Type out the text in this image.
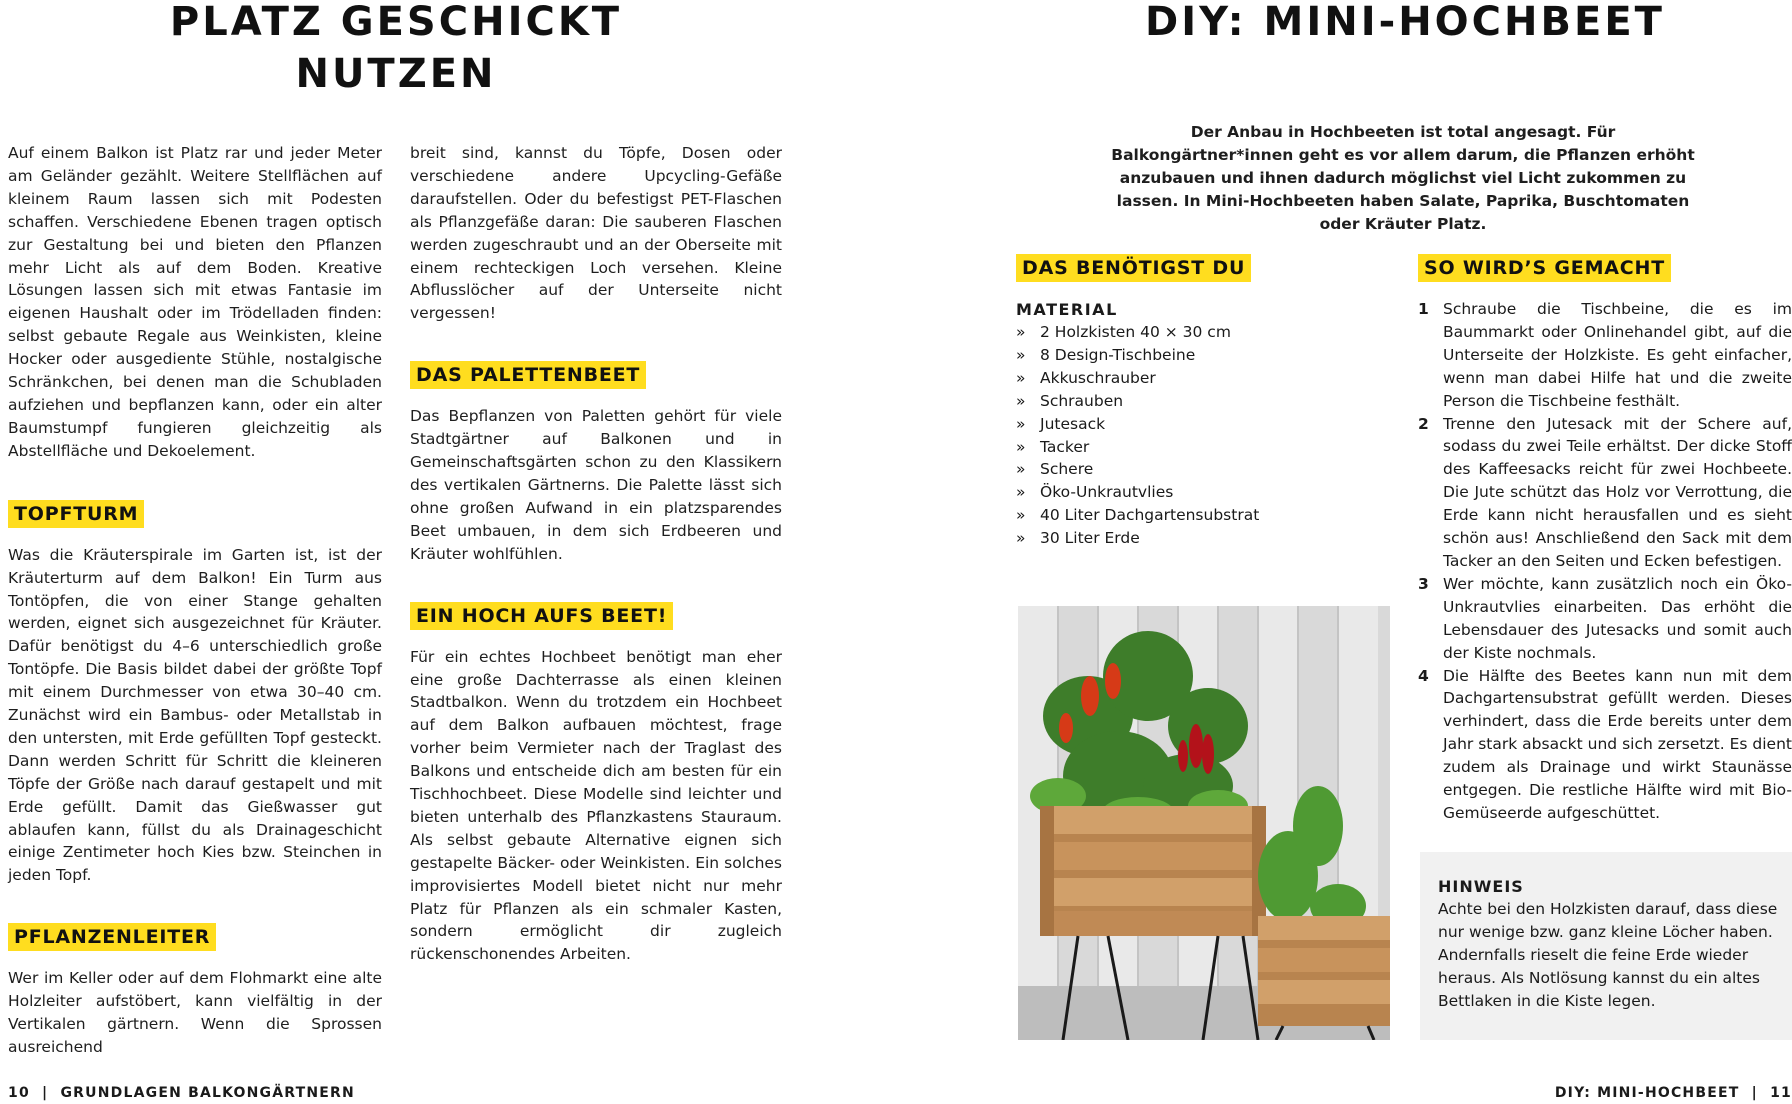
PLATZ GESCHICKT

NUTZEN

Auf einem Balkon ist Platz rar und jeder Meter am Geländer gezählt. Weitere Stellflächen auf kleinem Raum lassen sich mit Podesten schaffen. Verschiedene Ebenen tragen optisch zur Gestaltung bei und bieten den Pflanzen mehr Licht als auf dem Boden. Kreative Lösungen lassen sich mit etwas Fantasie im eigenen Haushalt oder im Trödelladen finden: selbst gebaute Regale aus Weinkisten, kleine Hocker oder ausgediente Stühle, nostalgische Schränkchen, bei denen man die Schubladen aufziehen und bepflanzen kann, oder ein alter Baumstumpf fungieren gleichzeitig als Abstellfläche und Dekoelement.

TOPFTURM

Was die Kräuterspirale im Garten ist, ist der Kräuterturm auf dem Balkon! Ein Turm aus Tontöpfen, die von einer Stange gehalten werden, eignet sich ausgezeichnet für Kräuter. Dafür benötigst du 4–6 unterschiedlich große Tontöpfe. Die Basis bildet dabei der größte Topf mit einem Durchmesser von etwa 30–40 cm. Zunächst wird ein Bambus- oder Metallstab in den untersten, mit Erde gefüllten Topf gesteckt. Dann werden Schritt für Schritt die kleineren Töpfe der Größe nach darauf gestapelt und mit Erde gefüllt. Damit das Gießwasser gut ablaufen kann, füllst du als Drainageschicht einige Zentimeter hoch Kies bzw. Steinchen in jeden Topf.

PFLANZENLEITER

Wer im Keller oder auf dem Flohmarkt eine alte Holzleiter aufstöbert, kann vielfältig in der Vertikalen gärtnern. Wenn die Sprossen ausreichend

breit sind, kannst du Töpfe, Dosen oder verschiedene andere Upcycling-Gefäße daraufstellen. Oder du befestigst PET-Flaschen als Pflanzgefäße daran: Die sauberen Flaschen werden zugeschraubt und an der Oberseite mit einem rechteckigen Loch versehen. Kleine Abflusslöcher auf der Unterseite nicht vergessen!

DAS PALETTENBEET

Das Bepflanzen von Paletten gehört für viele Stadtgärtner auf Balkonen und in Gemeinschaftsgärten schon zu den Klassikern des vertikalen Gärtnerns. Die Palette lässt sich ohne großen Aufwand in ein platzsparendes Beet umbauen, in dem sich Erdbeeren und Kräuter wohlfühlen.

EIN HOCH AUFS BEET!

Für ein echtes Hochbeet benötigt man eher eine große Dachterrasse als einen kleinen Stadtbalkon. Wenn du trotzdem ein Hochbeet auf dem Balkon aufbauen möchtest, frage vorher beim Vermieter nach der Traglast des Balkons und entscheide dich am besten für ein Tischhochbeet. Diese Modelle sind leichter und bieten unterhalb des Pflanzkastens Stauraum. Als selbst gebaute Alternative eignen sich gestapelte Bäcker- oder Weinkisten. Ein solches improvisiertes Modell bietet nicht nur mehr Platz für Pflanzen als ein schmaler Kasten, sondern ermöglicht dir zugleich rückenschonendes Arbeiten.

10  |  GRUNDLAGEN BALKONGÄRTNERN

DIY: MINI-HOCHBEET

Der Anbau in Hochbeeten ist total angesagt. Für Balkongärtner*innen geht es vor allem darum, die Pflanzen erhöht anzubauen und ihnen dadurch möglichst viel Licht zukommen zu lassen. In Mini-Hochbeeten haben Salate, Paprika, Buschtomaten oder Kräuter Platz.

DAS BENÖTIGST DU

MATERIAL

» 2 Holzkisten 40 × 30 cm
» 8 Design-Tischbeine
» Akkuschrauber
» Schrauben
» Jutesack
» Tacker
» Schere
» Öko-Unkrautvlies
» 40 Liter Dachgartensubstrat
» 30 Liter Erde
SO WIRD’S GEMACHT
1 Schraube die Tischbeine, die es im Baummarkt oder Onlinehandel gibt, auf die Unterseite der Holzkiste. Es geht einfacher, wenn man dabei Hilfe hat und die zweite Person die Tischbeine festhält.
2 Trenne den Jutesack mit der Schere auf, sodass du zwei Teile erhältst. Der dicke Stoff des Kaffeesacks reicht für zwei Hochbeete. Die Jute schützt das Holz vor Verrottung, die Erde kann nicht herausfallen und es sieht schön aus! Anschließend den Sack mit dem Tacker an den Seiten und Ecken befestigen.
3 Wer möchte, kann zusätzlich noch ein Öko-Unkrautvlies einarbeiten. Das erhöht die Lebensdauer des Jutesacks und somit auch der Kiste nochmals.
4 Die Hälfte des Beetes kann nun mit dem Dachgartensubstrat gefüllt werden. Dieses verhindert, dass die Erde bereits unter dem Jahr stark absackt und sich zersetzt. Es dient zudem als Drainage und wirkt Staunässe entgegen. Die restliche Hälfte wird mit Bio-Gemüseerde aufgeschüttet.

HINWEIS

Achte bei den Holzkisten darauf, dass diese nur wenige bzw. ganz kleine Löcher haben. Andernfalls rieselt die feine Erde wieder heraus. Als Notlösung kannst du ein altes Bettlaken in die Kiste legen.

DIY: MINI-HOCHBEET  |  11
